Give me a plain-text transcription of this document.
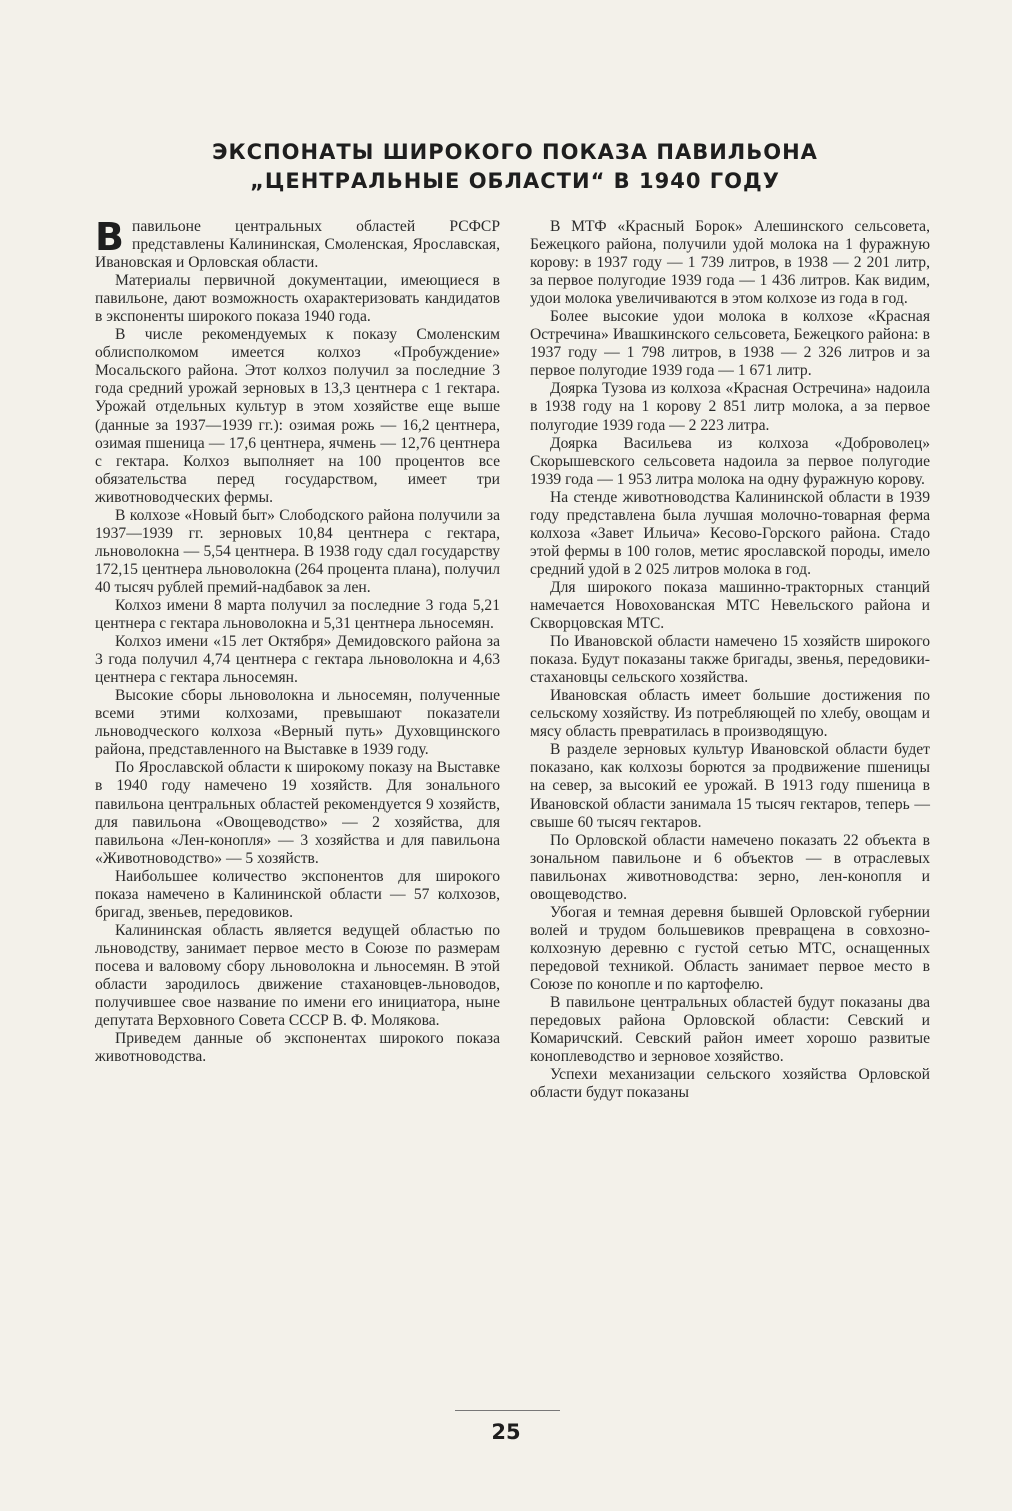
ЭКСПОНАТЫ ШИРОКОГО ПОКАЗА ПАВИЛЬОНА
„ЦЕНТРАЛЬНЫЕ ОБЛАСТИ“ В 1940 ГОДУ

Впавильоне центральных областей РСФСР представлены Калининская, Смоленская, Ярославская, Ивановская и Орловская области.

Материалы первичной документации, имеющиеся в павильоне, дают возможность охарактеризовать кандидатов в экспоненты широкого показа 1940 года.

В числе рекомендуемых к показу Смоленским облисполкомом имеется колхоз «Пробуждение» Мосальского района. Этот колхоз получил за последние 3 года средний урожай зерновых в 13,3 центнера с 1 гектара. Урожай отдельных культур в этом хозяйстве еще выше (данные за 1937—1939 гг.): озимая рожь — 16,2 центнера, озимая пшеница — 17,6 центнера, ячмень — 12,76 центнера с гектара. Колхоз выполняет на 100 процентов все обязательства перед государством, имеет три животноводческих фермы.

В колхозе «Новый быт» Слободского района получили за 1937—1939 гг. зерновых 10,84 центнера с гектара, льноволокна — 5,54 центнера. В 1938 году сдал государству 172,15 центнера льноволокна (264 процента плана), получил 40 тысяч рублей премий-надбавок за лен.

Колхоз имени 8 марта получил за последние 3 года 5,21 центнера с гектара льноволокна и 5,31 центнера льносемян.

Колхоз имени «15 лет Октября» Демидовского района за 3 года получил 4,74 центнера с гектара льноволокна и 4,63 центнера с гектара льносемян.

Высокие сборы льноволокна и льносемян, полученные всеми этими колхозами, превышают показатели льноводческого колхоза «Верный путь» Духовщинского района, представленного на Выставке в 1939 году.

По Ярославской области к широкому показу на Выставке в 1940 году намечено 19 хозяйств. Для зонального павильона центральных областей рекомендуется 9 хозяйств, для павильона «Овощеводство» — 2 хозяйства, для павильона «Лен-конопля» — 3 хозяйства и для павильона «Животноводство» — 5 хозяйств.

Наибольшее количество экспонентов для широкого показа намечено в Калининской области — 57 колхозов, бригад, звеньев, передовиков.

Калининская область является ведущей областью по льноводству, занимает первое место в Союзе по размерам посева и валовому сбору льноволокна и льносемян. В этой области зародилось движение стахановцев-льноводов, получившее свое название по имени его инициатора, ныне депутата Верховного Совета СССР В. Ф. Молякова.

Приведем данные об экспонентах широкого показа животноводства.

В МТФ «Красный Борок» Алешинского сельсовета, Бежецкого района, получили удой молока на 1 фуражную корову: в 1937 году — 1 739 литров, в 1938 — 2 201 литр, за первое полугодие 1939 года — 1 436 литров. Как видим, удои молока увеличиваются в этом колхозе из года в год.

Более высокие удои молока в колхозе «Красная Остречина» Ивашкинского сельсовета, Бежецкого района: в 1937 году — 1 798 литров, в 1938 — 2 326 литров и за первое полугодие 1939 года — 1 671 литр.

Доярка Тузова из колхоза «Красная Остречина» надоила в 1938 году на 1 корову 2 851 литр молока, а за первое полугодие 1939 года — 2 223 литра.

Доярка Васильева из колхоза «Доброволец» Скорышевского сельсовета надоила за первое полугодие 1939 года — 1 953 литра молока на одну фуражную корову.

На стенде животноводства Калининской области в 1939 году представлена была лучшая молочно-товарная ферма колхоза «Завет Ильича» Кесово-Горского района. Стадо этой фермы в 100 голов, метис ярославской породы, имело средний удой в 2 025 литров молока в год.

Для широкого показа машинно-тракторных станций намечается Новохованская МТС Невельского района и Скворцовская МТС.

По Ивановской области намечено 15 хозяйств широкого показа. Будут показаны также бригады, звенья, передовики-стахановцы сельского хозяйства.

Ивановская область имеет большие достижения по сельскому хозяйству. Из потребляющей по хлебу, овощам и мясу область превратилась в производящую.

В разделе зерновых культур Ивановской области будет показано, как колхозы борются за продвижение пшеницы на север, за высокий ее урожай. В 1913 году пшеница в Ивановской области занимала 15 тысяч гектаров, теперь — свыше 60 тысяч гектаров.

По Орловской области намечено показать 22 объекта в зональном павильоне и 6 объектов — в отраслевых павильонах животноводства: зерно, лен-конопля и овощеводство.

Убогая и темная деревня бывшей Орловской губернии волей и трудом большевиков превращена в совхозно-колхозную деревню с густой сетью МТС, оснащенных передовой техникой. Область занимает первое место в Союзе по конопле и по картофелю.

В павильоне центральных областей будут показаны два передовых района Орловской области: Севский и Комаричский. Севский район имеет хорошо развитые коноплеводство и зерновое хозяйство.

Успехи механизации сельского хозяйства Орловской области будут показаны

25
